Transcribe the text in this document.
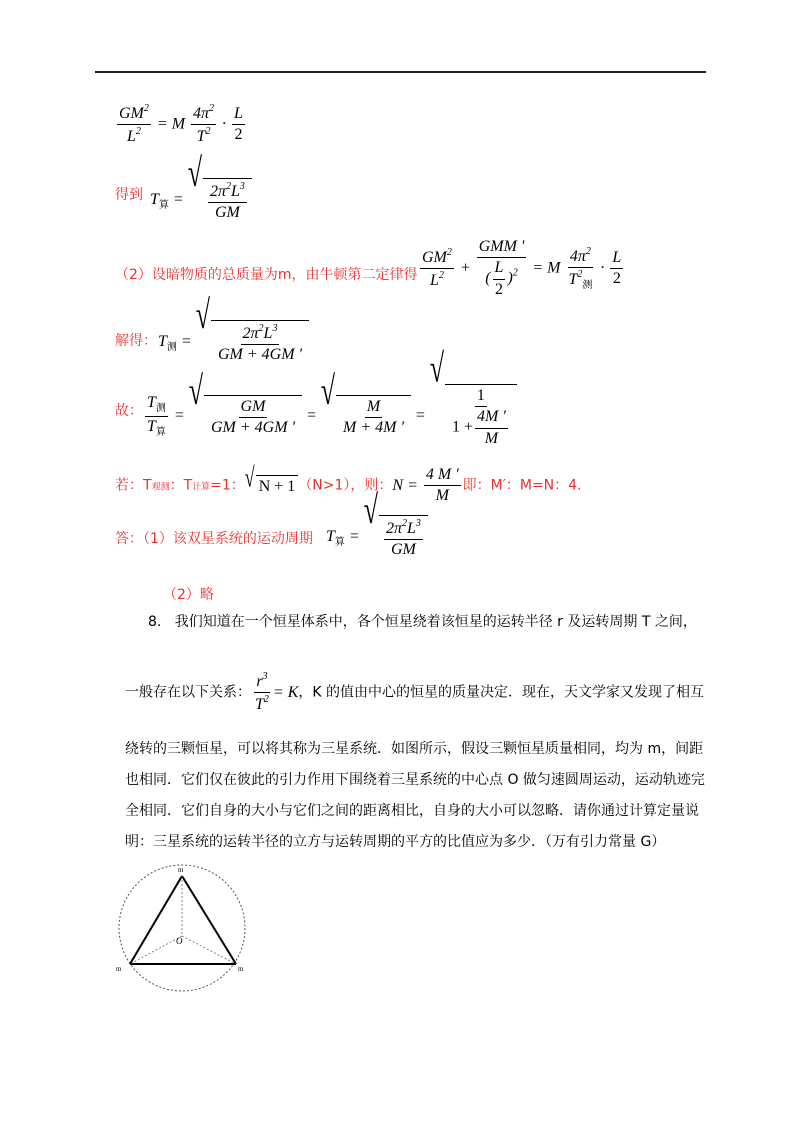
$\frac{GM^2}{L^2} = M \frac{4\pi^2}{T^2} \cdot \frac{L}{2}$
得到 $T_算$ =
√
$\frac{2\pi^2L^3}{GM}$
（2）设暗物质的总质量为m，由牛顿第二定律得 $\frac{GM^2}{L^2} + \frac{\text{GMM '}}{( \frac{L}{2} )^2} = M \frac{4\pi^2}{T^2_测} \cdot \frac{L}{2}$
解得： $T_测$ =
√
$\frac{2\pi^2L^3}{GM + 4GM '}$
故： $\frac{T_测}{T_算}$ =
√
$\frac{GM}{GM + 4GM '}$ =
√
$\frac{M}{M + 4M '}$ =
√
$\frac{1}{1 + \frac{4M '}{M}}$
若：T观测：T计算=1： √ N + 1 （N>1），则：$N = \frac{4 M '}{M}$ 即：M′：M=N：4.
答：（1）该双星系统的运动周期 $T_算$ =
√
$\frac{2\pi^2L^3}{GM}$
（2）略
8. 我们知道在一个恒星体系中，各个恒星绕着该恒星的运转半径 r 及运转周期 T 之间，
一般存在以下关系： $\frac{r^3}{T^2} = K$，K 的值由中心的恒星的质量决定．现在，天文学家又发现了相互
绕转的三颗恒星，可以将其称为三星系统．如图所示，假设三颗恒星质量相同，均为 m，间距
也相同．它们仅在彼此的引力作用下围绕着三星系统的中心点 O 做匀速圆周运动，运动轨迹完
全相同．它们自身的大小与它们之间的距离相比，自身的大小可以忽略．请你通过计算定量说
明：三星系统的运转半径的立方与运转周期的平方的比值应为多少．（万有引力常量 G）
O
m
m	m
